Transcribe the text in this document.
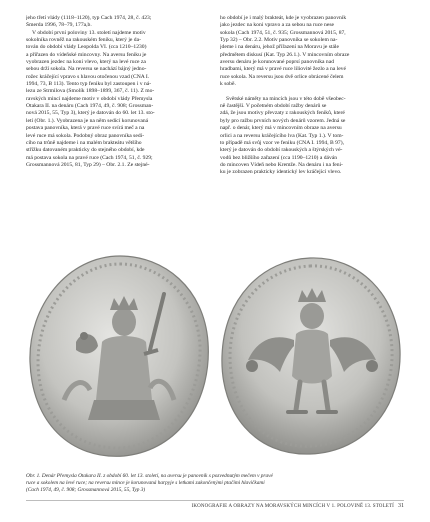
jeho třetí vlády (1118–1120), typ Cach 1974, 28, č. 423;
Šmerda 1996, 78–79, 177a,b.
V období první poloviny 13. století najdeme motiv
sokolníka rovněž na rakouském feniku, který je da-
tován do období vlády Leopolda VI. (cca 1210–1230)
a přiřazen do vídeňské mincovny. Na aversu feniku je
vyobrazen jezdec na koni vlevo, který na levé ruce za
sebou drží sokola. Na reversu se nachází bájný jedno-
rožec kráčející vpravo s hlavou otočenou vzad (CNA I.
1994, 73, B 113). Tento typ feniku byl zastoupen i v ná-
lezu ze Strmilova (Smolík 1898–1899, 367, č. 11). Z mo-
ravských mincí najdeme motiv v období vlády Přemysla
Otakara II. na denáru (Cach 1974, 49, č. 908; Grossman-
nová 2015, 55, Typ 3), který je datován do 60. let 13. sto-
letí (Obr. 1.). Vyobrazena je na něm sedící korunovaná
postava panovníka, která v pravé ruce svírá meč a na
levé ruce má sokola. Podobný obraz panovníka sedí-
cího na trůně najdeme i na malém brakteátu většího
střížku datovaném prakticky do stejného období, kde
má postava sokola na pravé ruce (Cach 1974, 51, č. 929;
Grossmannová 2015, 81, Typ 29) – Obr. 2.1. Ze stejné-
ho období je i malý brakteát, kde je vyobrazen panovník
jako jezdec na koni vpravo a za sebou na ruce nese
sokola (Cach 1974, 51, č. 935; Grossmannová 2015, 87,
Typ 32) – Obr. 2.2. Motiv panovníka se sokolem na-
jdeme i na denáru, jehož přiřazení na Moravu je stále
předmětem diskusí (Kat. Typ 26.1.). V mincovním obraze
aversu denáru je korunované poprsí panovníka nad
hradbami, který má v pravé ruce liliovité žezlo a na levé
ruce sokola. Na reversu jsou dvě orlice obrácené čelem
k sobě.
Světské náměty na mincích jsou v této době všeobec-
ně častější. V početném období ražby denárů se
zdá, že jsou motivy převzaty z rakouských feniků, které
byly pro ražbu prvních nových denárů vzorem. Jedná se
např. o denár, který má v mincovním obraze na aversu
orlici a na reversu kráčejícího lva (Kat. Typ 1.). V tom-
to případě má svůj vzor ve feniku (CNA I. 1994, B 97),
který je datován do období rakouských a štýrských vé-
vodů bez bližšího zařazení (cca 1190–1210) a dáván
do mincoven Vídeň nebo Kremže. Na denáru i na feni-
ku je zobrazen prakticky identický lev kráčející vlevo.
Obr. 1. Denár Přemysla Otakara II. z období 60. let 13. století, na aversu je panovník s pozvednutým mečem v pravé
ruce a sokolem na levé ruce; na reversu mince je korunovaná harpyje s letkami zakončenými ptačími hlavičkami
(Cach 1974, 49, č. 908; Grossmannová 2015, 55, Typ 3)
IKONOGRAFIE A OBRAZY NA MORAVSKÝCH MINCÍCH V 1. POLOVINĚ 13. STOLETÍ 31
